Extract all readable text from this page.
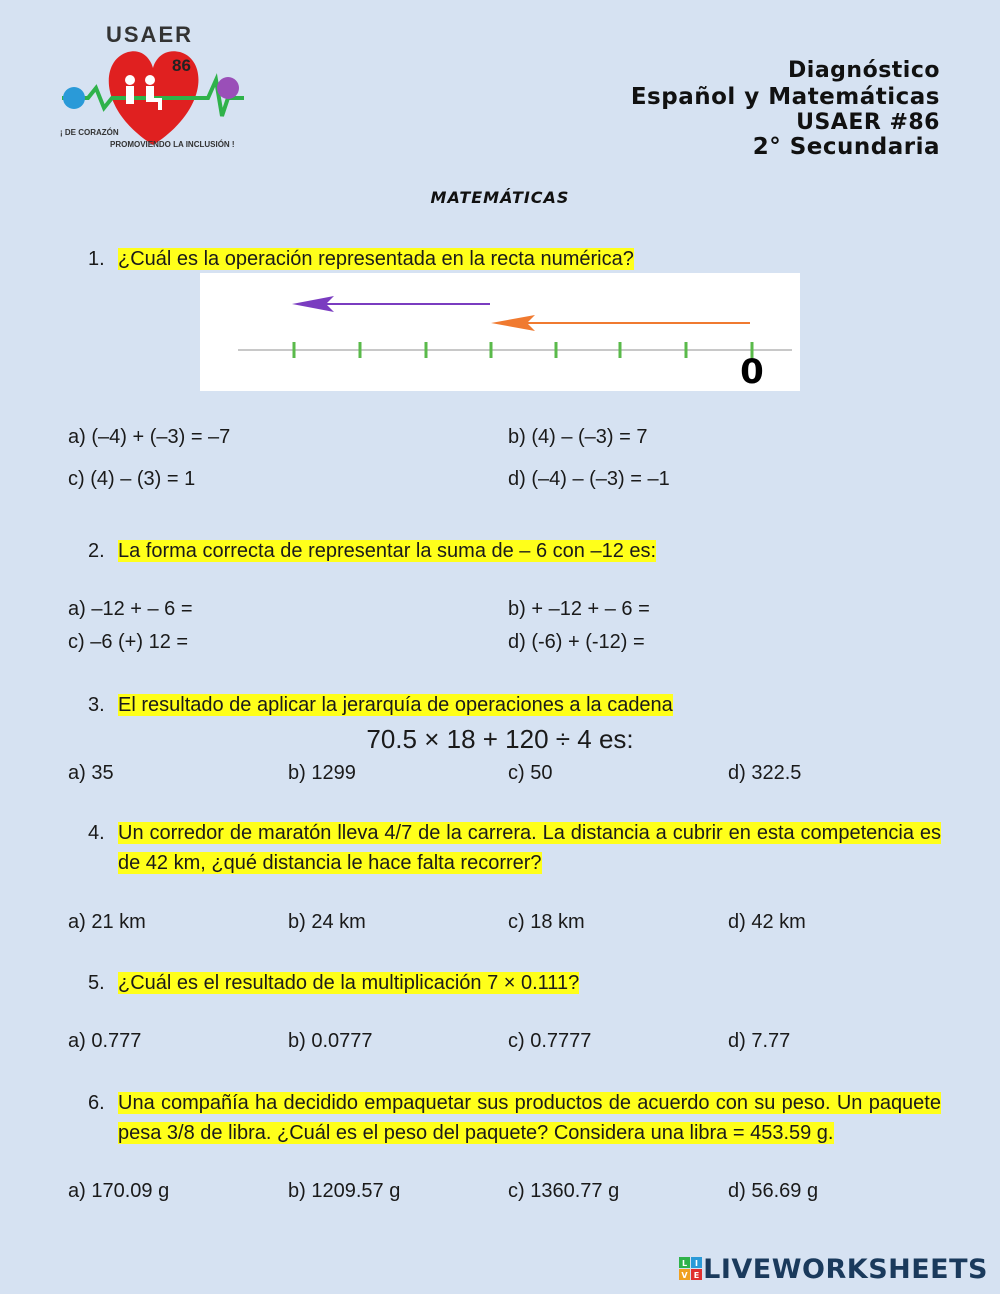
USAER
86
¡ DE CORAZÓN
PROMOVIENDO LA INCLUSIÓN !
Diagnóstico
Español y Matemáticas
USAER #86
2° Secundaria
MATEMÁTICAS
1. ¿Cuál es la operación representada en la recta numérica?
0
a) (–4) + (–3) = –7	b) (4) – (–3) = 7
c) (4) – (3) = 1	d) (–4) – (–3) = –1
2. La forma correcta de representar la suma de – 6 con –12 es:
a) –12 + – 6 =	b) + –12 + – 6 =
c) –6 (+) 12 =	d) (-6) + (-12) =
3. El resultado de aplicar la jerarquía de operaciones a la cadena
70.5 × 18 + 120 ÷ 4 es:
a) 35	b) 1299	c) 50	d) 322.5
4. Un corredor de maratón lleva 4/7 de la carrera. La distancia a cubrir en esta competencia es de 42 km, ¿qué distancia le hace falta recorrer?
a) 21 km	b) 24 km	c) 18 km	d) 42 km
5. ¿Cuál es el resultado de la multiplicación 7 × 0.111?
a) 0.777	b) 0.0777	c) 0.7777	d) 7.77
6. Una compañía ha decidido empaquetar sus productos de acuerdo con su peso. Un paquete pesa 3/8 de libra. ¿Cuál es el peso del paquete? Considera una libra = 453.59 g.
a) 170.09 g	b) 1209.57 g	c) 1360.77 g	d) 56.69 g
L I
V E LIVEWORKSHEETS
